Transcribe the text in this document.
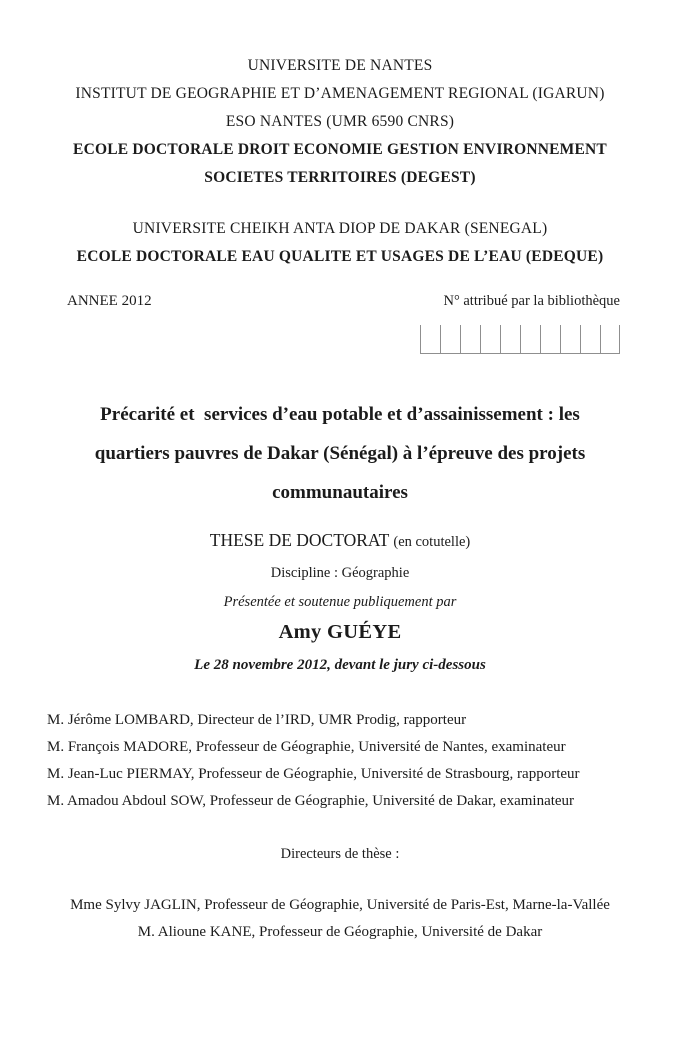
UNIVERSITE DE NANTES
INSTITUT DE GEOGRAPHIE ET D’AMENAGEMENT REGIONAL (IGARUN)
ESO NANTES (UMR 6590 CNRS)
ECOLE DOCTORALE DROIT ECONOMIE GESTION ENVIRONNEMENT
SOCIETES TERRITOIRES (DEGEST)
UNIVERSITE CHEIKH ANTA DIOP DE DAKAR (SENEGAL)
ECOLE DOCTORALE EAU QUALITE ET USAGES DE L’EAU (EDEQUE)
ANNEE 2012	N° attribué par la bibliothèque
Précarité et  services d’eau potable et d’assainissement : les
quartiers pauvres de Dakar (Sénégal) à l’épreuve des projets
communautaires
THESE DE DOCTORAT (en cotutelle)
Discipline : Géographie
Présentée et soutenue publiquement par
Amy GUÉYE
Le 28 novembre 2012, devant le jury ci-dessous
M. Jérôme LOMBARD, Directeur de l’IRD, UMR Prodig, rapporteur
M. François MADORE, Professeur de Géographie, Université de Nantes, examinateur
M. Jean-Luc PIERMAY, Professeur de Géographie, Université de Strasbourg, rapporteur
M. Amadou Abdoul SOW, Professeur de Géographie, Université de Dakar, examinateur
Directeurs de thèse :
Mme Sylvy JAGLIN, Professeur de Géographie, Université de Paris-Est, Marne-la-Vallée
M. Alioune KANE, Professeur de Géographie, Université de Dakar
